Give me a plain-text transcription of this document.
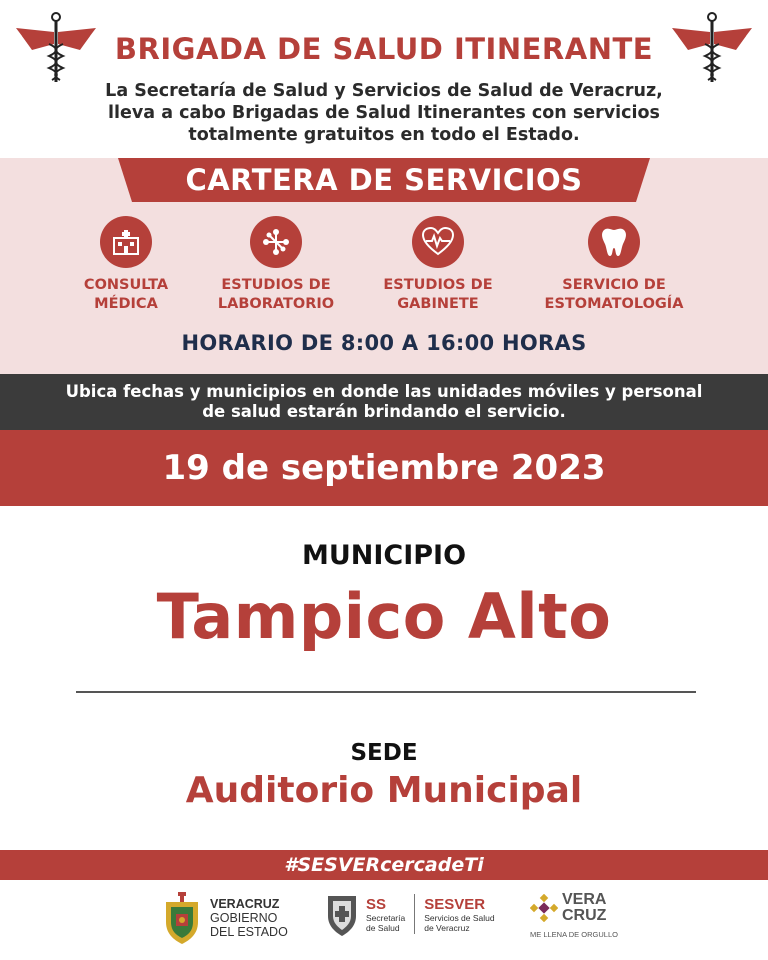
BRIGADA DE SALUD ITINERANTE
La Secretaría de Salud y Servicios de Salud de Veracruz, lleva a cabo Brigadas de Salud Itinerantes con servicios totalmente gratuitos en todo el Estado.
CARTERA DE SERVICIOS
CONSULTA
MÉDICA
ESTUDIOS DE
LABORATORIO
ESTUDIOS DE
GABINETE
SERVICIO DE
ESTOMATOLOGÍA
HORARIO DE 8:00 A 16:00 HORAS
Ubica fechas y municipios en donde las unidades móviles y personal
de salud estarán brindando el servicio.
19 de septiembre 2023
MUNICIPIO
Tampico Alto
SEDE
Auditorio Municipal
#SESVERcercadeTi
VERACRUZ
GOBIERNO
DEL ESTADO
SS
Secretaría
de Salud
SESVER
Servicios de Salud
de Veracruz
VERA
CRUZ
ME LLENA DE ORGULLO
